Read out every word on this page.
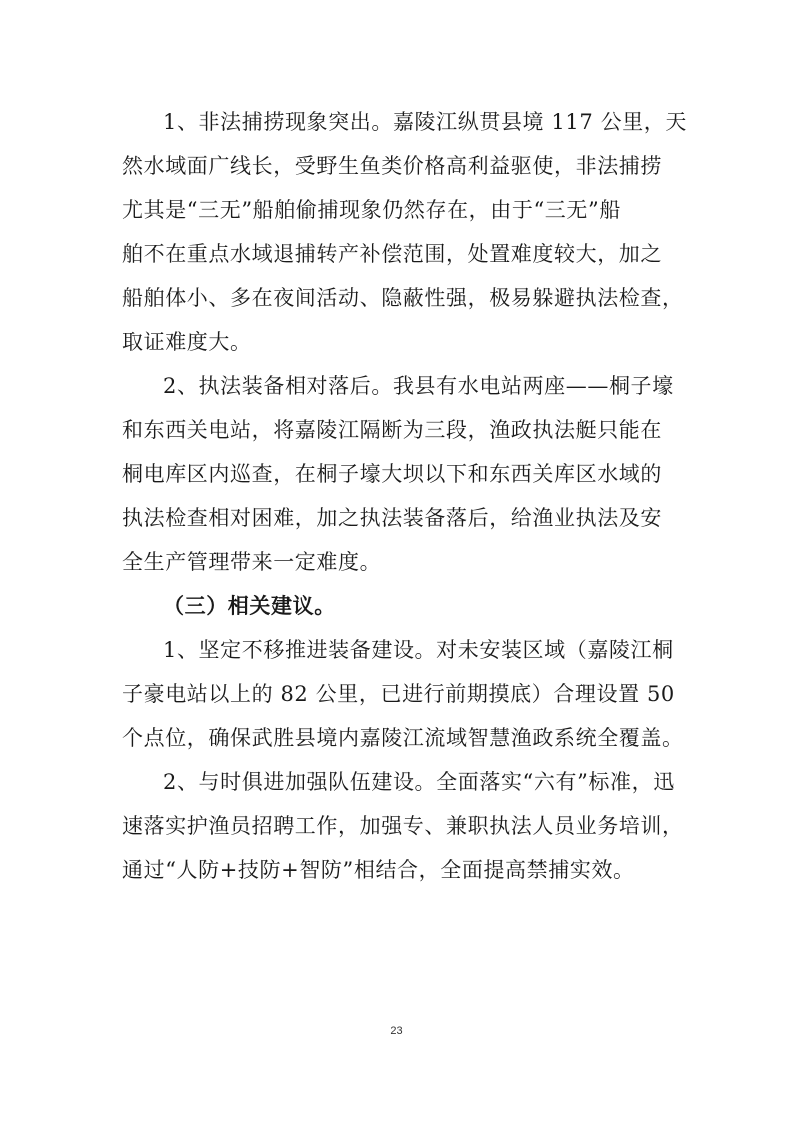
1、非法捕捞现象突出。嘉陵江纵贯县境 117 公里，天
然水域面广线长，受野生鱼类价格高利益驱使，非法捕捞
尤其是“三无”船舶偷捕现象仍然存在，由于“三无”船
舶不在重点水域退捕转产补偿范围，处置难度较大，加之
船舶体小、多在夜间活动、隐蔽性强，极易躲避执法检查，
取证难度大。
2、执法装备相对落后。我县有水电站两座——桐子壕
和东西关电站，将嘉陵江隔断为三段，渔政执法艇只能在
桐电库区内巡查，在桐子壕大坝以下和东西关库区水域的
执法检查相对困难，加之执法装备落后，给渔业执法及安
全生产管理带来一定难度。
（三）相关建议。
1、坚定不移推进装备建设。对未安装区域（嘉陵江桐
子豪电站以上的 82 公里，已进行前期摸底）合理设置 50
个点位，确保武胜县境内嘉陵江流域智慧渔政系统全覆盖。
2、与时俱进加强队伍建设。全面落实“六有”标准，迅
速落实护渔员招聘工作，加强专、兼职执法人员业务培训，
通过“人防+技防+智防”相结合，全面提高禁捕实效。
23
